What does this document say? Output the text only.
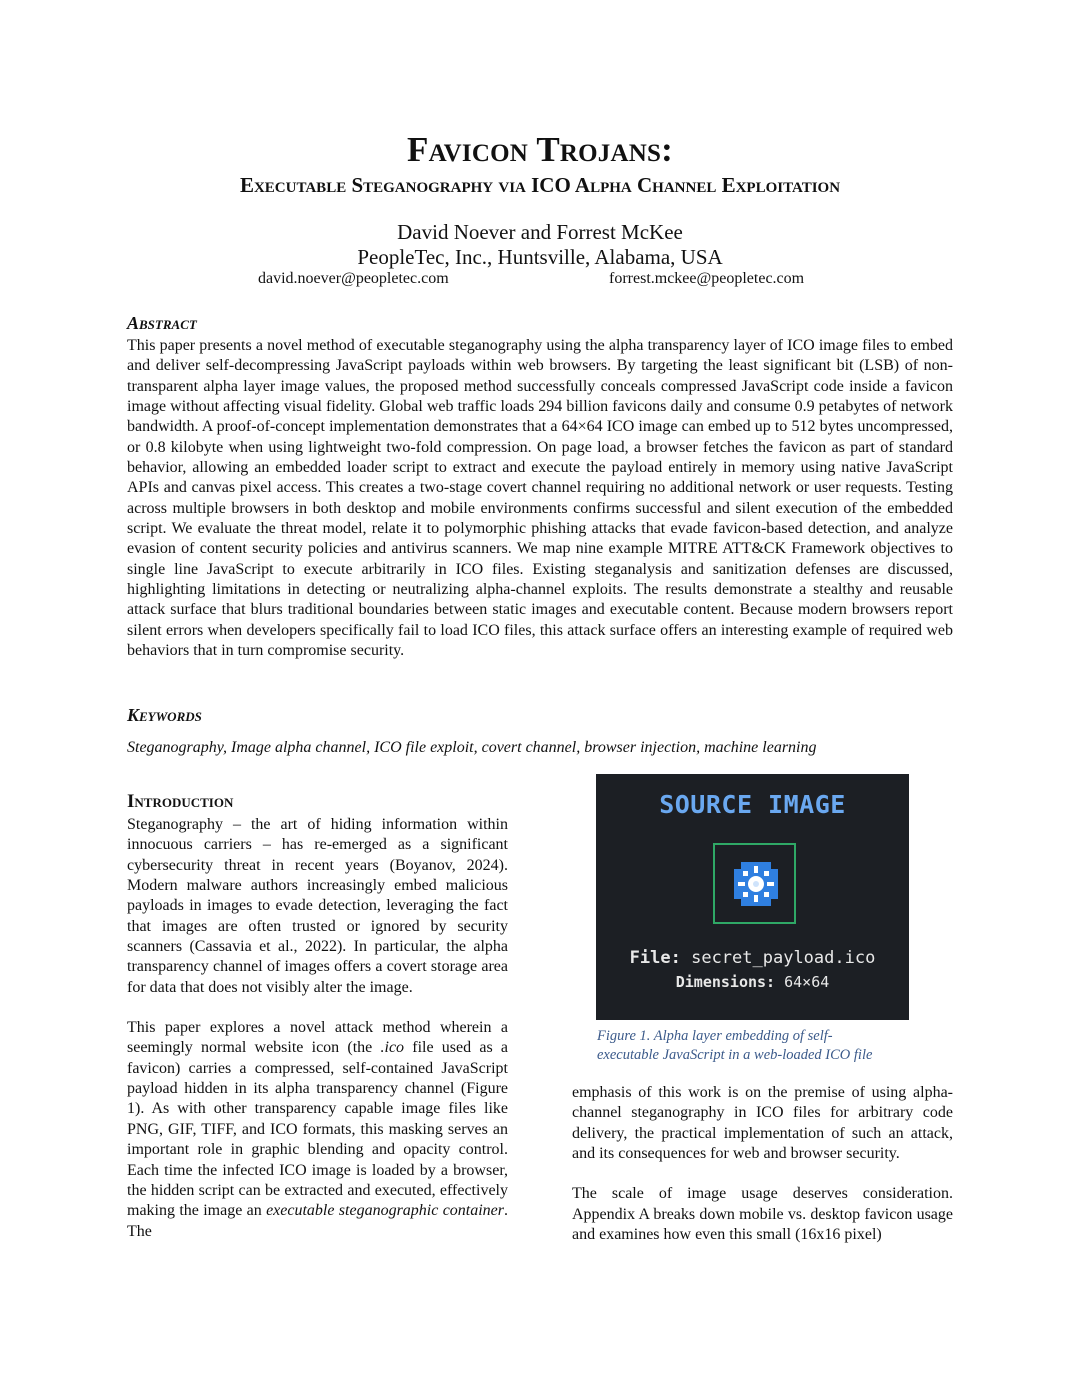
Favicon Trojans:
Executable Steganography via ICO Alpha Channel Exploitation
David Noever and Forrest McKee
PeopleTec, Inc., Huntsville, Alabama, USA
david.noever@peopletec.com	forrest.mckee@peopletec.com
Abstract

This paper presents a novel method of executable steganography using the alpha transparency layer of ICO image files to embed and deliver self-decompressing JavaScript payloads within web browsers. By targeting the least significant bit (LSB) of non-transparent alpha layer image values, the proposed method successfully conceals compressed JavaScript code inside a favicon image without affecting visual fidelity. Global web traffic loads 294 billion favicons daily and consume 0.9 petabytes of network bandwidth. A proof-of-concept implementation demonstrates that a 64×64 ICO image can embed up to 512 bytes uncompressed, or 0.8 kilobyte when using lightweight two-fold compression. On page load, a browser fetches the favicon as part of standard behavior, allowing an embedded loader script to extract and execute the payload entirely in memory using native JavaScript APIs and canvas pixel access. This creates a two-stage covert channel requiring no additional network or user requests. Testing across multiple browsers in both desktop and mobile environments confirms successful and silent execution of the embedded script. We evaluate the threat model, relate it to polymorphic phishing attacks that evade favicon-based detection, and analyze evasion of content security policies and antivirus scanners. We map nine example MITRE ATT&CK Framework objectives to single line JavaScript to execute arbitrarily in ICO files. Existing steganalysis and sanitization defenses are discussed, highlighting limitations in detecting or neutralizing alpha-channel exploits. The results demonstrate a stealthy and reusable attack surface that blurs traditional boundaries between static images and executable content. Because modern browsers report silent errors when developers specifically fail to load ICO files, this attack surface offers an interesting example of required web behaviors that in turn compromise security.

Keywords

Steganography, Image alpha channel, ICO file exploit, covert channel, browser injection, machine learning

Introduction

Steganography – the art of hiding information within innocuous carriers – has re-emerged as a significant cybersecurity threat in recent years (Boyanov, 2024). Modern malware authors increasingly embed malicious payloads in images to evade detection, leveraging the fact that images are often trusted or ignored by security scanners (Cassavia et al., 2022). In particular, the alpha transparency channel of images offers a covert storage area for data that does not visibly alter the image.

This paper explores a novel attack method wherein a seemingly normal website icon (the .ico file used as a favicon) carries a compressed, self-contained JavaScript payload hidden in its alpha transparency channel (Figure 1). As with other transparency capable image files like PNG, GIF, TIFF, and ICO formats, this masking serves an important role in graphic blending and opacity control. Each time the infected ICO image is loaded by a browser, the hidden script can be extracted and executed, effectively making the image an executable steganographic container. The

SOURCE IMAGE
File: secret_payload.ico
Dimensions: 64×64
Figure 1. Alpha layer embedding of self-
executable JavaScript in a web-loaded ICO file

emphasis of this work is on the premise of using alpha-channel steganography in ICO files for arbitrary code delivery, the practical implementation of such an attack, and its consequences for web and browser security.

The scale of image usage deserves consideration. Appendix A breaks down mobile vs. desktop favicon usage and examines how even this small (16x16 pixel)
